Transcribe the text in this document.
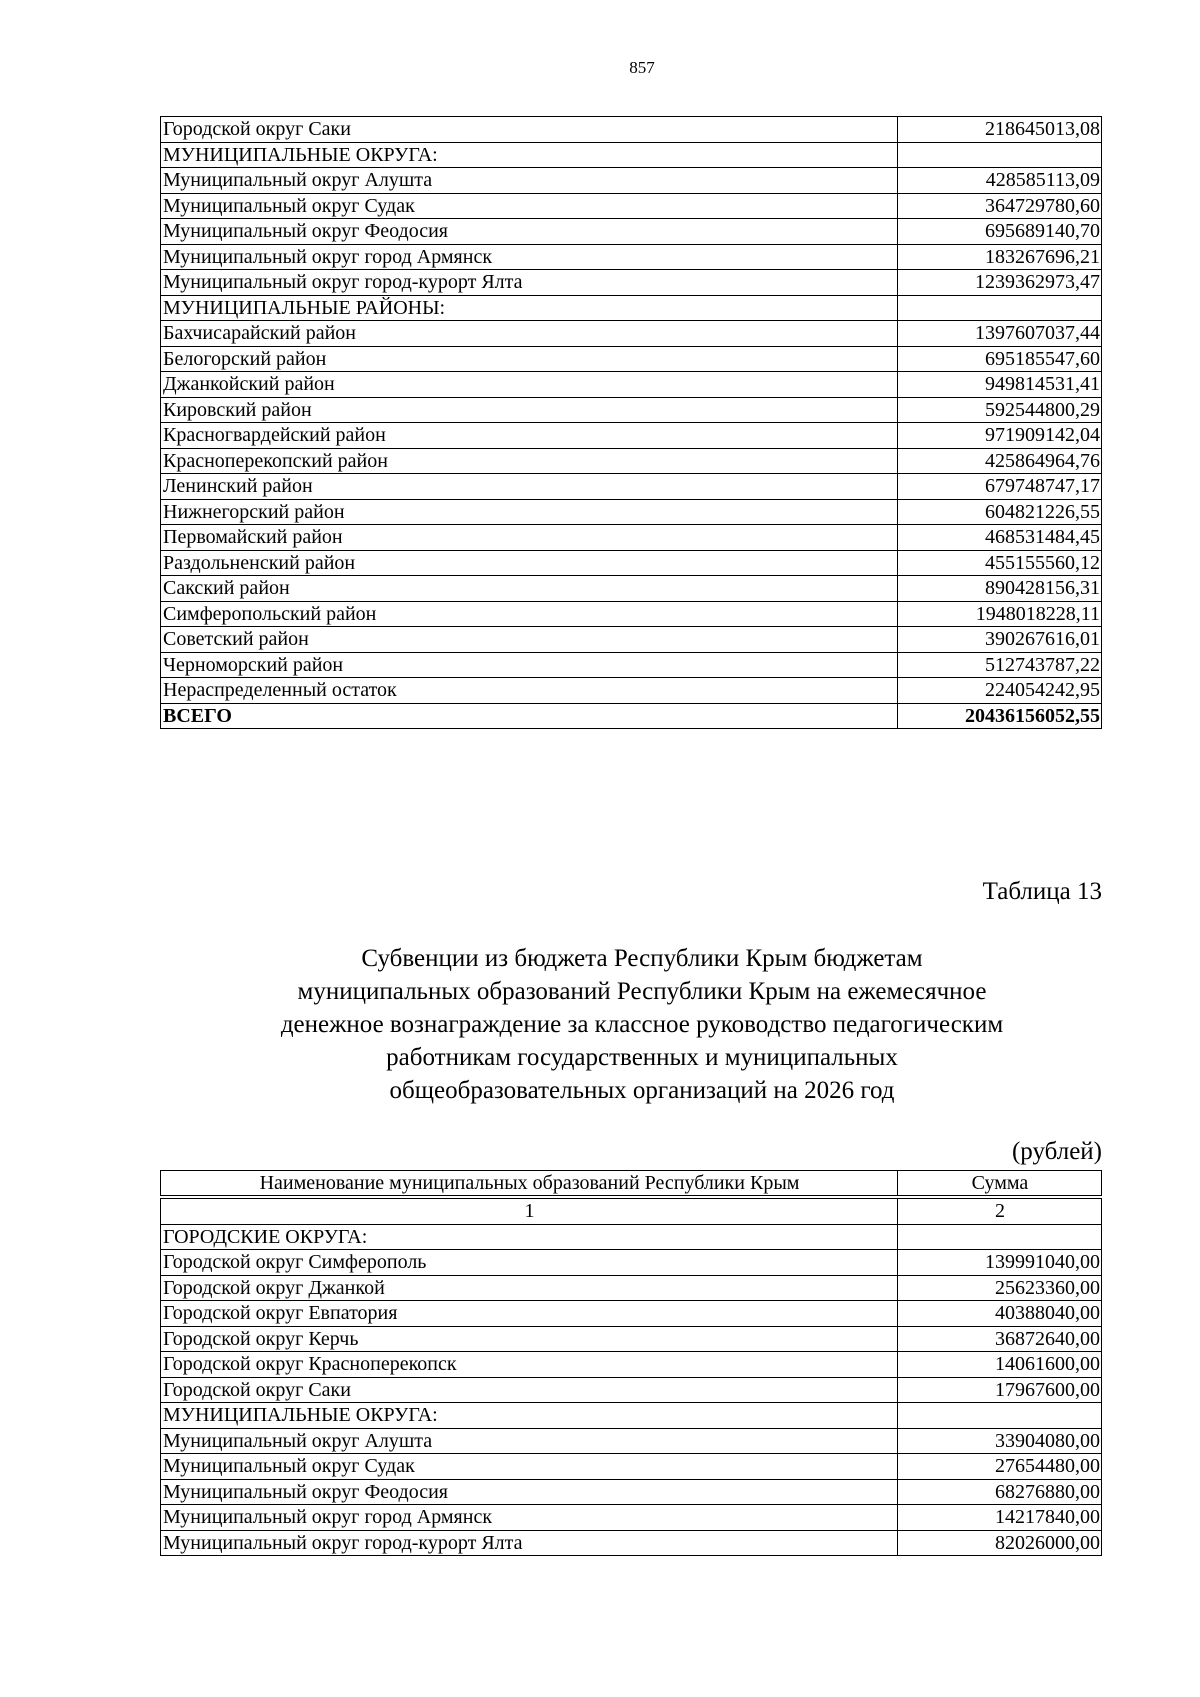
857
Городской округ Саки	218645013,08
МУНИЦИПАЛЬНЫЕ ОКРУГА:	
Муниципальный округ Алушта	428585113,09
Муниципальный округ Судак	364729780,60
Муниципальный округ Феодосия	695689140,70
Муниципальный округ город Армянск	183267696,21
Муниципальный округ город-курорт Ялта	1239362973,47
МУНИЦИПАЛЬНЫЕ РАЙОНЫ:	
Бахчисарайский район	1397607037,44
Белогорский район	695185547,60
Джанкойский район	949814531,41
Кировский район	592544800,29
Красногвардейский район	971909142,04
Красноперекопский район	425864964,76
Ленинский район	679748747,17
Нижнегорский район	604821226,55
Первомайский район	468531484,45
Раздольненский район	455155560,12
Сакский район	890428156,31
Симферопольский район	1948018228,11
Советский район	390267616,01
Черноморский район	512743787,22
Нераспределенный остаток	224054242,95
ВСЕГО	20436156052,55
Таблица 13
Субвенции из бюджета Республики Крым бюджетам
муниципальных образований Республики Крым на ежемесячное
денежное вознаграждение за классное руководство педагогическим
работникам государственных и муниципальных
общеобразовательных организаций на 2026 год
(рублей)
Наименование муниципальных образований Республики Крым	Сумма
1	2
ГОРОДСКИЕ ОКРУГА:	
Городской округ Симферополь	139991040,00
Городской округ Джанкой	25623360,00
Городской округ Евпатория	40388040,00
Городской округ Керчь	36872640,00
Городской округ Красноперекопск	14061600,00
Городской округ Саки	17967600,00
МУНИЦИПАЛЬНЫЕ ОКРУГА:	
Муниципальный округ Алушта	33904080,00
Муниципальный округ Судак	27654480,00
Муниципальный округ Феодосия	68276880,00
Муниципальный округ город Армянск	14217840,00
Муниципальный округ город-курорт Ялта	82026000,00
